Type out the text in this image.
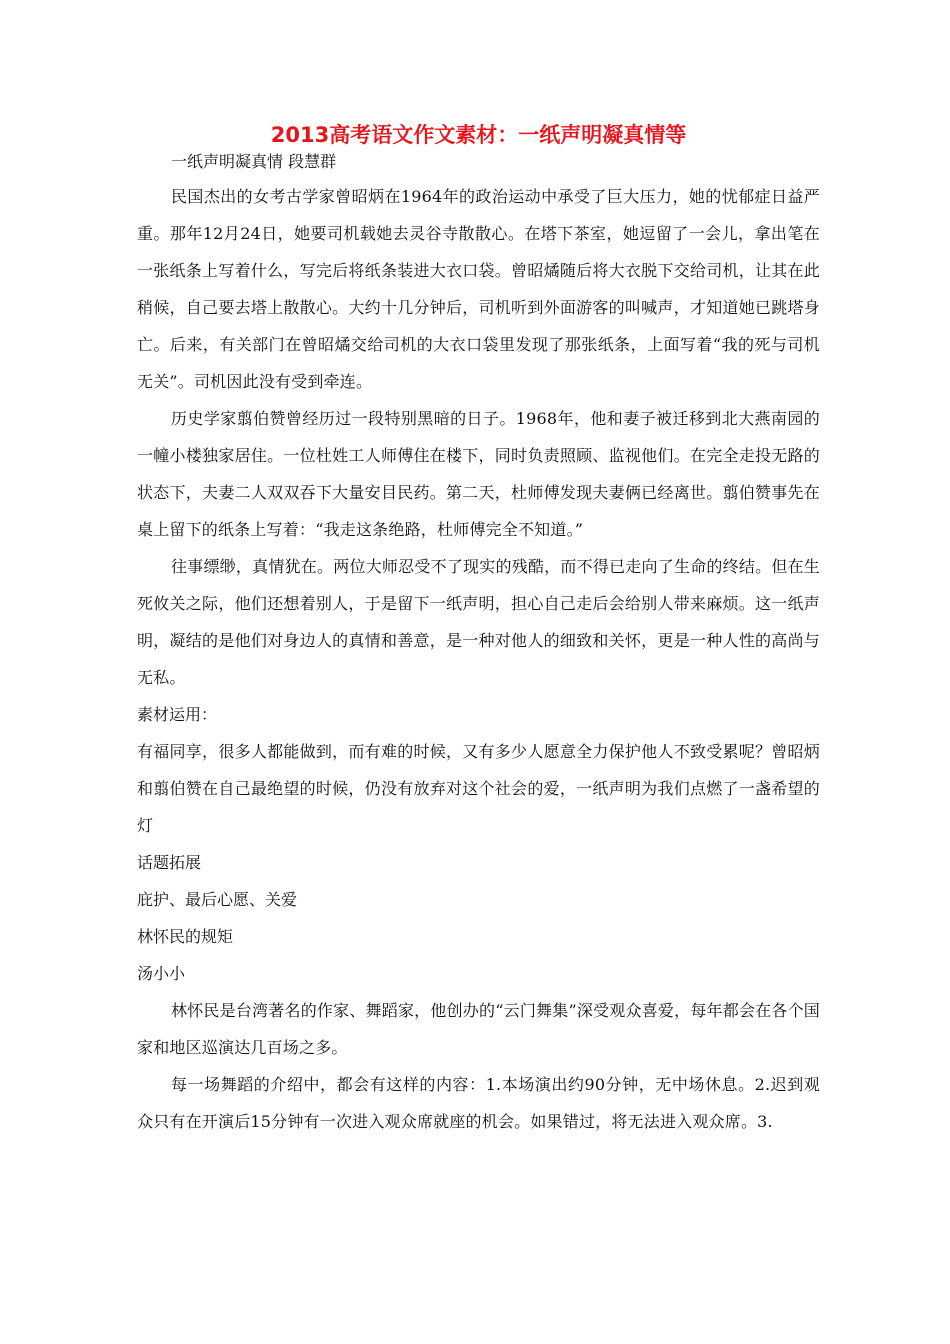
2013高考语文作文素材：一纸声明凝真情等

一纸声明凝真情 段慧群

民国杰出的女考古学家曾昭炳在1964年的政治运动中承受了巨大压力，她的忧郁症日益严重。那年12月24日，她要司机载她去灵谷寺散散心。在塔下茶室，她逗留了一会儿，拿出笔在一张纸条上写着什么，写完后将纸条装进大衣口袋。曾昭燏随后将大衣脱下交给司机，让其在此稍候，自己要去塔上散散心。大约十几分钟后，司机听到外面游客的叫喊声，才知道她已跳塔身亡。后来，有关部门在曾昭燏交给司机的大衣口袋里发现了那张纸条，上面写着“我的死与司机无关”。司机因此没有受到牵连。

历史学家翦伯赞曾经历过一段特别黑暗的日子。1968年，他和妻子被迁移到北大燕南园的一幢小楼独家居住。一位杜姓工人师傅住在楼下，同时负责照顾、监视他们。在完全走投无路的状态下，夫妻二人双双吞下大量安目民药。第二天，杜师傅发现夫妻俩已经离世。翦伯赞事先在桌上留下的纸条上写着：“我走这条绝路，杜师傅完全不知道。”

往事缥缈，真情犹在。两位大师忍受不了现实的残酷，而不得已走向了生命的终结。但在生死攸关之际，他们还想着别人，于是留下一纸声明，担心自己走后会给别人带来麻烦。这一纸声明，凝结的是他们对身边人的真情和善意，是一种对他人的细致和关怀，更是一种人性的高尚与无私。

素材运用：

有福同享，很多人都能做到，而有难的时候，又有多少人愿意全力保护他人不致受累呢？曾昭炳和翦伯赞在自己最绝望的时候，仍没有放弃对这个社会的爱，一纸声明为我们点燃了一盏希望的灯

话题拓展

庇护、最后心愿、关爱

林怀民的规矩

汤小小

林怀民是台湾著名的作家、舞蹈家，他创办的“云门舞集”深受观众喜爱，每年都会在各个国家和地区巡演达几百场之多。

每一场舞蹈的介绍中，都会有这样的内容：1.本场演出约90分钟，无中场休息。2.迟到观众只有在开演后15分钟有一次进入观众席就座的机会。如果错过，将无法进入观众席。3.
